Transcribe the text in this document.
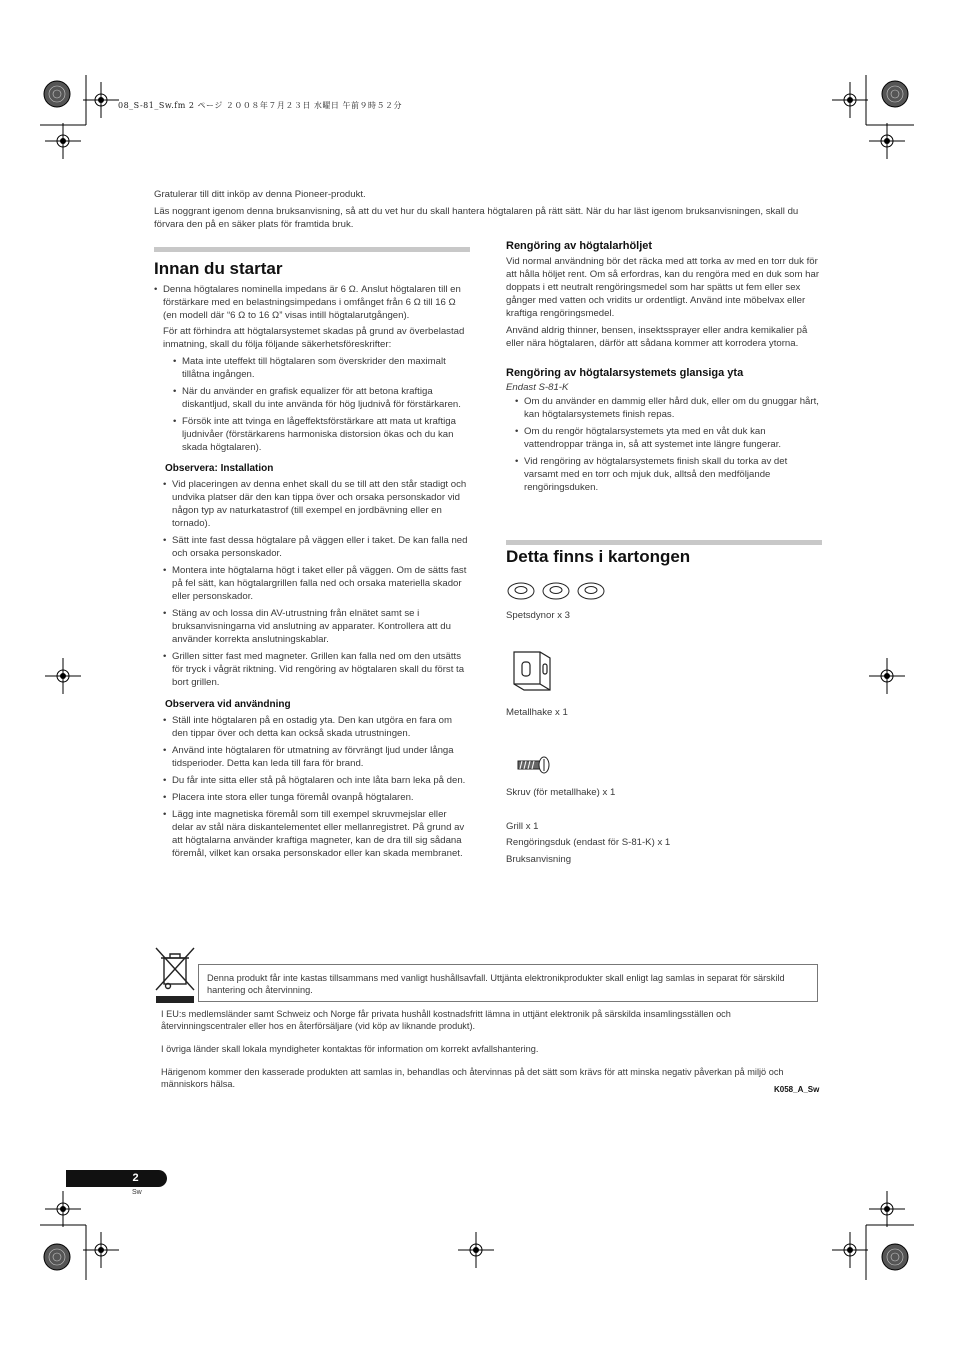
08_S-81_Sw.fm 2 ページ ２００８年７月２３日 水曜日 午前９時５２分
Gratulerar till ditt inköp av denna Pioneer-produkt.
Läs noggrant igenom denna bruksanvisning, så att du vet hur du skall hantera högtalaren på rätt sätt. När du har läst igenom bruksanvisningen, skall du förvara den på en säker plats för framtida bruk.
Innan du startar
• Denna högtalares nominella impedans är 6 Ω. Anslut högtalaren till en förstärkare med en belastningsimpedans i omfånget från 6 Ω till 16 Ω (en modell där “6 Ω to 16 Ω” visas intill högtalarutgången).
För att förhindra att högtalarsystemet skadas på grund av överbelastad inmatning, skall du följa följande säkerhetsföreskrifter:
• Mata inte uteffekt till högtalaren som överskrider den maximalt tillåtna ingången.
• När du använder en grafisk equalizer för att betona kraftiga diskantljud, skall du inte använda för hög ljudnivå för förstärkaren.
• Försök inte att tvinga en lågeffektsförstärkare att mata ut kraftiga ljudnivåer (förstärkarens harmoniska distorsion ökas och du kan skada högtalaren).
Observera: Installation
• Vid placeringen av denna enhet skall du se till att den står stadigt och undvika platser där den kan tippa över och orsaka personskador vid någon typ av naturkatastrof (till exempel en jordbävning eller en tornado).
• Sätt inte fast dessa högtalare på väggen eller i taket. De kan falla ned och orsaka personskador.
• Montera inte högtalarna högt i taket eller på väggen. Om de sätts fast på fel sätt, kan högtalargrillen falla ned och orsaka materiella skador eller personskador.
• Stäng av och lossa din AV-utrustning från elnätet samt se i bruksanvisningarna vid anslutning av apparater. Kontrollera att du använder korrekta anslutningskablar.
• Grillen sitter fast med magneter. Grillen kan falla ned om den utsätts för tryck i vågrät riktning. Vid rengöring av högtalaren skall du först ta bort grillen.
Observera vid användning
• Ställ inte högtalaren på en ostadig yta. Den kan utgöra en fara om den tippar över och detta kan också skada utrustningen.
• Använd inte högtalaren för utmatning av förvrängt ljud under långa tidsperioder. Detta kan leda till fara för brand.
• Du får inte sitta eller stå på högtalaren och inte låta barn leka på den.
• Placera inte stora eller tunga föremål ovanpå högtalaren.
• Lägg inte magnetiska föremål som till exempel skruvmejslar eller delar av stål nära diskantelementet eller mellanregistret. På grund av att högtalarna använder kraftiga magneter, kan de dra till sig sådana föremål, vilket kan orsaka personskador eller kan skada membranet.
Rengöring av högtalarhöljet
Vid normal användning bör det räcka med att torka av med en torr duk för att hålla höljet rent. Om så erfordras, kan du rengöra med en duk som har doppats i ett neutralt rengöringsmedel som har spätts ut fem eller sex gånger med vatten och vridits ur ordentligt. Använd inte möbelvax eller kraftiga rengöringsmedel.
Använd aldrig thinner, bensen, insektssprayer eller andra kemikalier på eller nära högtalaren, därför att sådana kommer att korrodera ytorna.
Rengöring av högtalarsystemets glansiga yta
Endast S-81-K
• Om du använder en dammig eller hård duk, eller om du gnuggar hårt, kan högtalarsystemets finish repas.
• Om du rengör högtalarsystemets yta med en våt duk kan vattendroppar tränga in, så att systemet inte längre fungerar.
• Vid rengöring av högtalarsystemets finish skall du torka av det varsamt med en torr och mjuk duk, alltså den medföljande rengöringsduken.
Detta finns i kartongen
Spetsdynor x 3
Metallhake x 1
Skruv (för metallhake) x 1
Grill x 1
Rengöringsduk (endast för S-81-K) x 1
Bruksanvisning
Denna produkt får inte kastas tillsammans med vanligt hushållsavfall. Uttjänta elektronikprodukter skall enligt lag samlas in separat för särskild hantering och återvinning.
I EU:s medlemsländer samt Schweiz och Norge får privata hushåll kostnadsfritt lämna in uttjänt elektronik på särskilda insamlingsställen och återvinningscentraler eller hos en återförsäljare (vid köp av liknande produkt).
I övriga länder skall lokala myndigheter kontaktas för information om korrekt avfallshantering.
Härigenom kommer den kasserade produkten att samlas in, behandlas och återvinnas på det sätt som krävs för att minska negativ påverkan på miljö och människors hälsa.
K058_A_Sw
2
Sw
